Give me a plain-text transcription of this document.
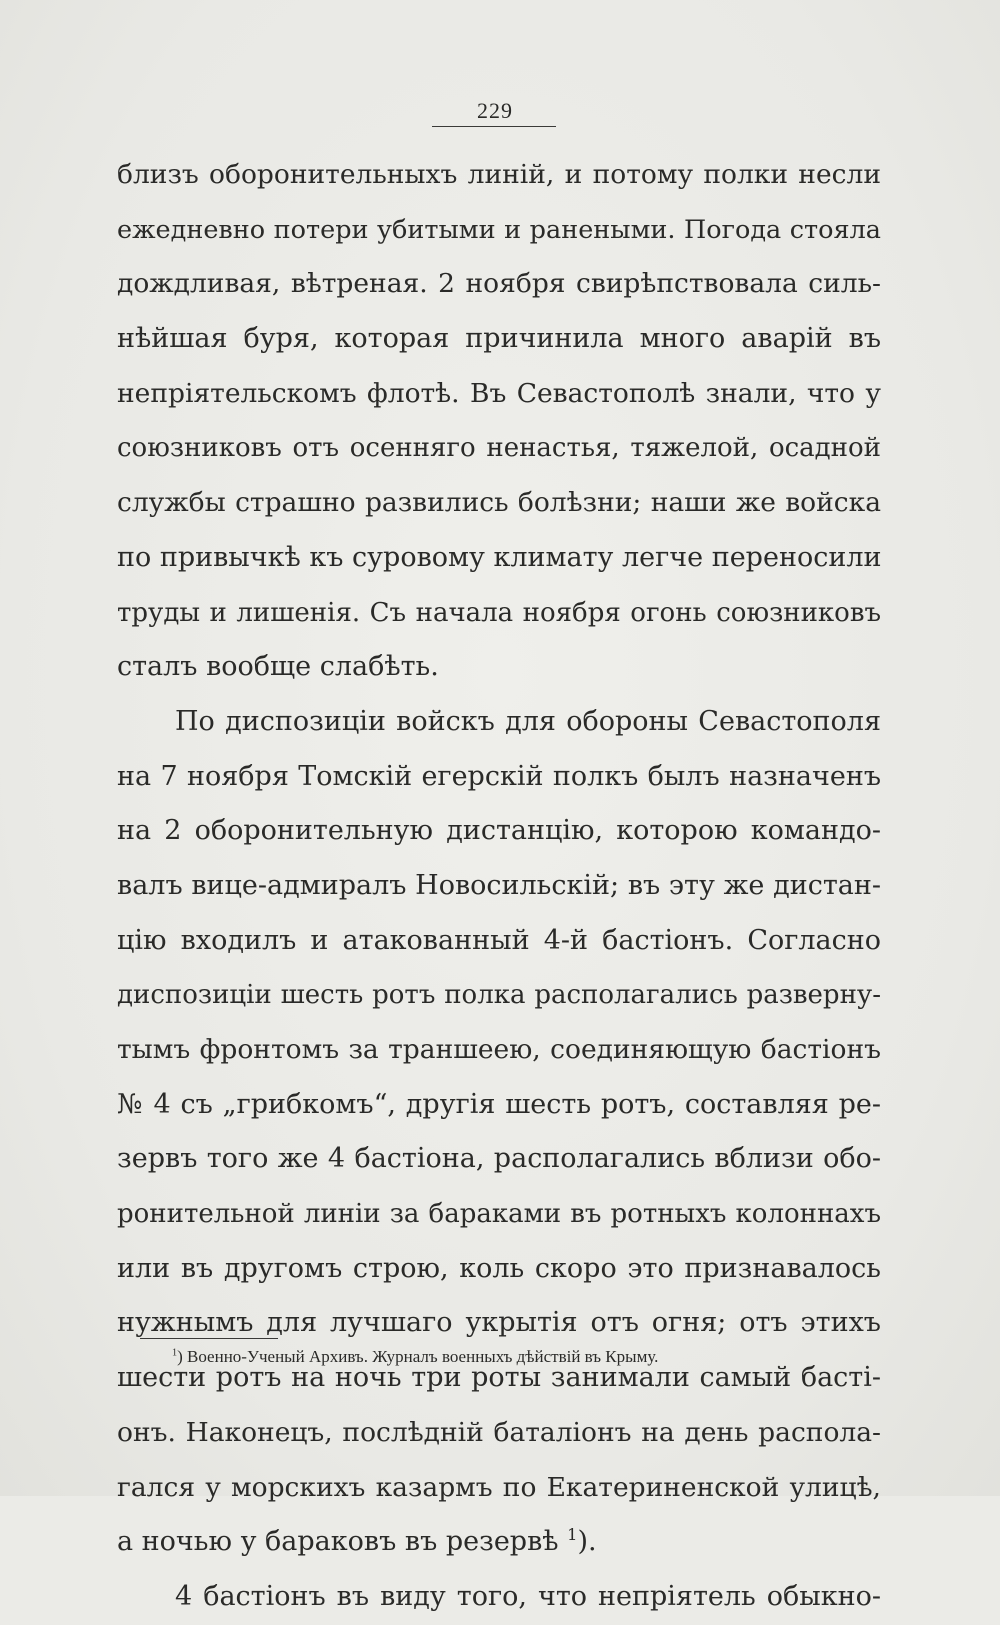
229
близъ оборонительныхъ линій, и потому полки несли
ежедневно потери убитыми и ранеными. Погода стояла
дождливая, вѣтреная. 2 ноября свирѣпствовала силь-
нѣйшая буря, которая причинила много аварій въ
непріятельскомъ флотѣ. Въ Севастополѣ знали, что у
союзниковъ отъ осенняго ненастья, тяжелой, осадной
службы страшно развились болѣзни; наши же войска
по привычкѣ къ суровому климату легче переносили
труды и лишенія. Съ начала ноября огонь союзниковъ
сталъ вообще слабѣть.
По диспозиціи войскъ для обороны Севастополя
на 7 ноября Томскій егерскій полкъ былъ назначенъ
на 2 оборонительную дистанцію, которою командо-
валъ вице-адмиралъ Новосильскій; въ эту же дистан-
цію входилъ и атакованный 4-й бастіонъ. Согласно
диспозиціи шесть ротъ полка располагались разверну-
тымъ фронтомъ за траншеею, соединяющую бастіонъ
№ 4 съ „грибкомъ“, другія шесть ротъ, составляя ре-
зервъ того же 4 бастіона, располагались вблизи обо-
ронительной линіи за бараками въ ротныхъ колоннахъ
или въ другомъ строю, коль скоро это признавалось
нужнымъ для лучшаго укрытія отъ огня; отъ этихъ
шести ротъ на ночь три роты занимали самый басті-
онъ. Наконецъ, послѣдній баталіонъ на день распола-
гался у морскихъ казармъ по Екатериненской улицѣ,
а ночью у бараковъ въ резервѣ $^1$).
4 бастіонъ въ виду того, что непріятель обыкно-
$^1$) Военно-Ученый Архивъ. Журналъ военныхъ дѣйствій въ Крыму.
